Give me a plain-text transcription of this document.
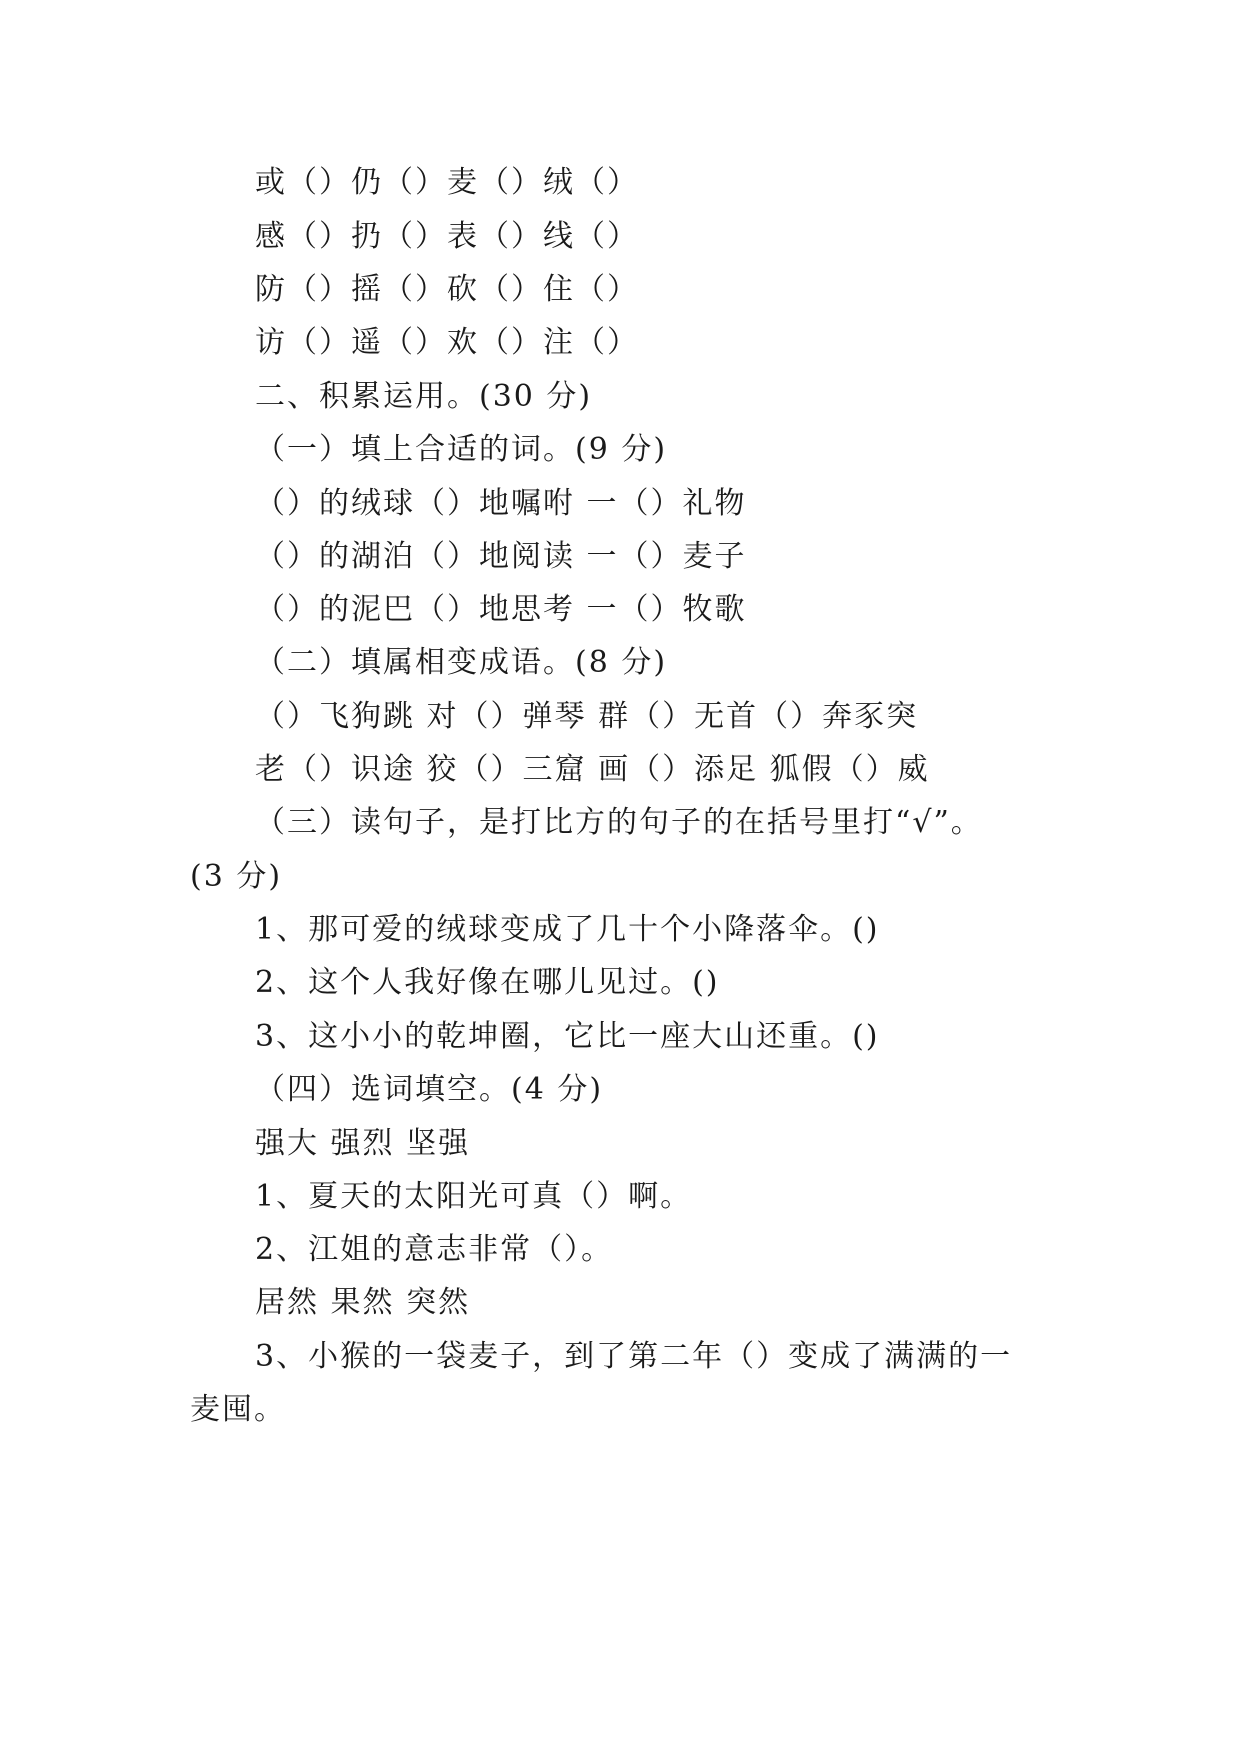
或（）仍（）麦（）绒（）
感（）扔（）表（）线（）
防（）摇（）砍（）住（）
访（）遥（）欢（）注（）
二、积累运用。(30 分)
（一）填上合适的词。(9 分)
（）的绒球（）地嘱咐 一（）礼物
（）的湖泊（）地阅读 一（）麦子
（）的泥巴（）地思考 一（）牧歌
（二）填属相变成语。(8 分)
（）飞狗跳 对（）弹琴 群（）无首（）奔豕突
老（）识途 狡（）三窟 画（）添足 狐假（）威
（三）读句子，是打比方的句子的在括号里打“√”。
(3 分)
1、那可爱的绒球变成了几十个小降落伞。()
2、这个人我好像在哪儿见过。()
3、这小小的乾坤圈，它比一座大山还重。()
（四）选词填空。(4 分)
强大 强烈 坚强
1、夏天的太阳光可真（）啊。
2、江姐的意志非常（）。
居然 果然 突然
3、小猴的一袋麦子，到了第二年（）变成了满满的一
麦囤。
